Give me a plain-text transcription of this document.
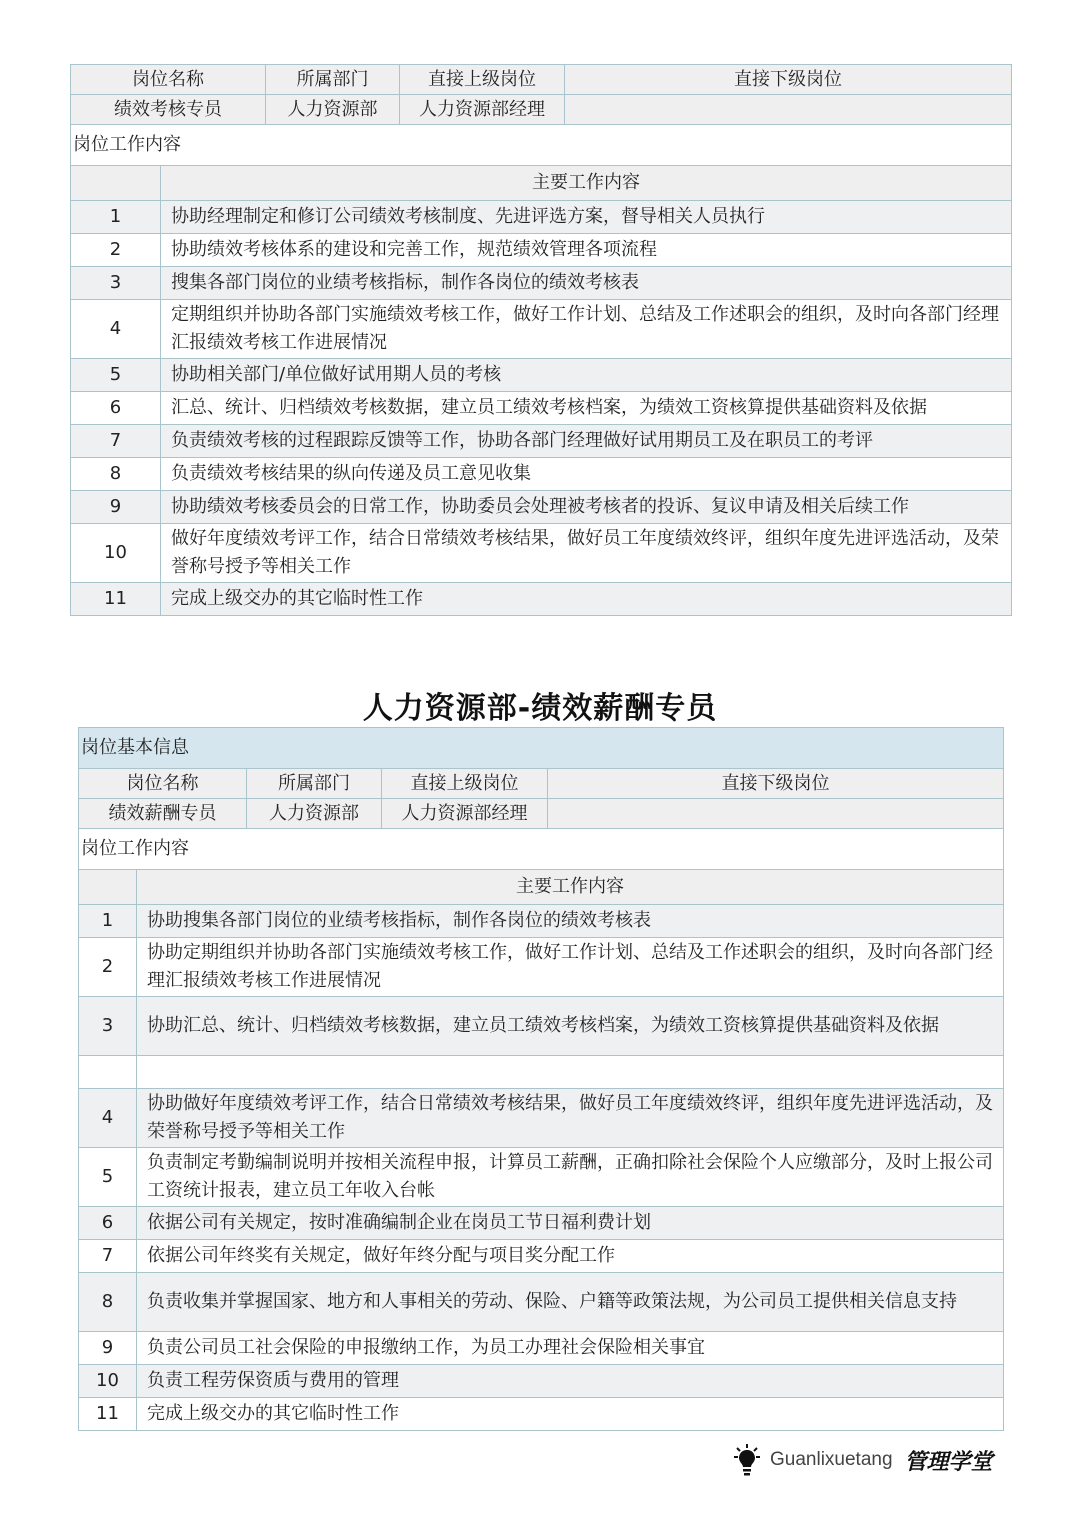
岗位名称		所属部门	直接上级岗位	直接下级岗位
绩效考核专员		人力资源部	人力资源部经理	
岗位工作内容				
	主要工作内容			
1	协助经理制定和修订公司绩效考核制度、先进评选方案，督导相关人员执行			
2	协助绩效考核体系的建设和完善工作，规范绩效管理各项流程			
3	搜集各部门岗位的业绩考核指标，制作各岗位的绩效考核表			
4	定期组织并协助各部门实施绩效考核工作，做好工作计划、总结及工作述职会的组织，及时向各部门经理汇报绩效考核工作进展情况			
5	协助相关部门/单位做好试用期人员的考核			
6	汇总、统计、归档绩效考核数据，建立员工绩效考核档案，为绩效工资核算提供基础资料及依据			
7	负责绩效考核的过程跟踪反馈等工作，协助各部门经理做好试用期员工及在职员工的考评			
8	负责绩效考核结果的纵向传递及员工意见收集			
9	协助绩效考核委员会的日常工作，协助委员会处理被考核者的投诉、复议申请及相关后续工作			
10	做好年度绩效考评工作，结合日常绩效考核结果，做好员工年度绩效终评，组织年度先进评选活动，及荣誉称号授予等相关工作			
11	完成上级交办的其它临时性工作			
人力资源部-绩效薪酬专员
岗位基本信息				
岗位名称		所属部门	直接上级岗位	直接下级岗位
绩效薪酬专员		人力资源部	人力资源部经理	
岗位工作内容				
	主要工作内容			
1	协助搜集各部门岗位的业绩考核指标，制作各岗位的绩效考核表			
2	协助定期组织并协助各部门实施绩效考核工作，做好工作计划、总结及工作述职会的组织，及时向各部门经理汇报绩效考核工作进展情况			
3	协助汇总、统计、归档绩效考核数据，建立员工绩效考核档案，为绩效工资核算提供基础资料及依据			

4	协助做好年度绩效考评工作，结合日常绩效考核结果，做好员工年度绩效终评，组织年度先进评选活动，及荣誉称号授予等相关工作			
5	负责制定考勤编制说明并按相关流程申报，计算员工薪酬，正确扣除社会保险个人应缴部分，及时上报公司工资统计报表，建立员工年收入台帐			
6	依据公司有关规定，按时准确编制企业在岗员工节日福利费计划			
7	依据公司年终奖有关规定，做好年终分配与项目奖分配工作			
8	负责收集并掌握国家、地方和人事相关的劳动、保险、户籍等政策法规，为公司员工提供相关信息支持			
9	负责公司员工社会保险的申报缴纳工作，为员工办理社会保险相关事宜			
10	负责工程劳保资质与费用的管理			
11	完成上级交办的其它临时性工作			
Guanlixuetang 管理学堂
